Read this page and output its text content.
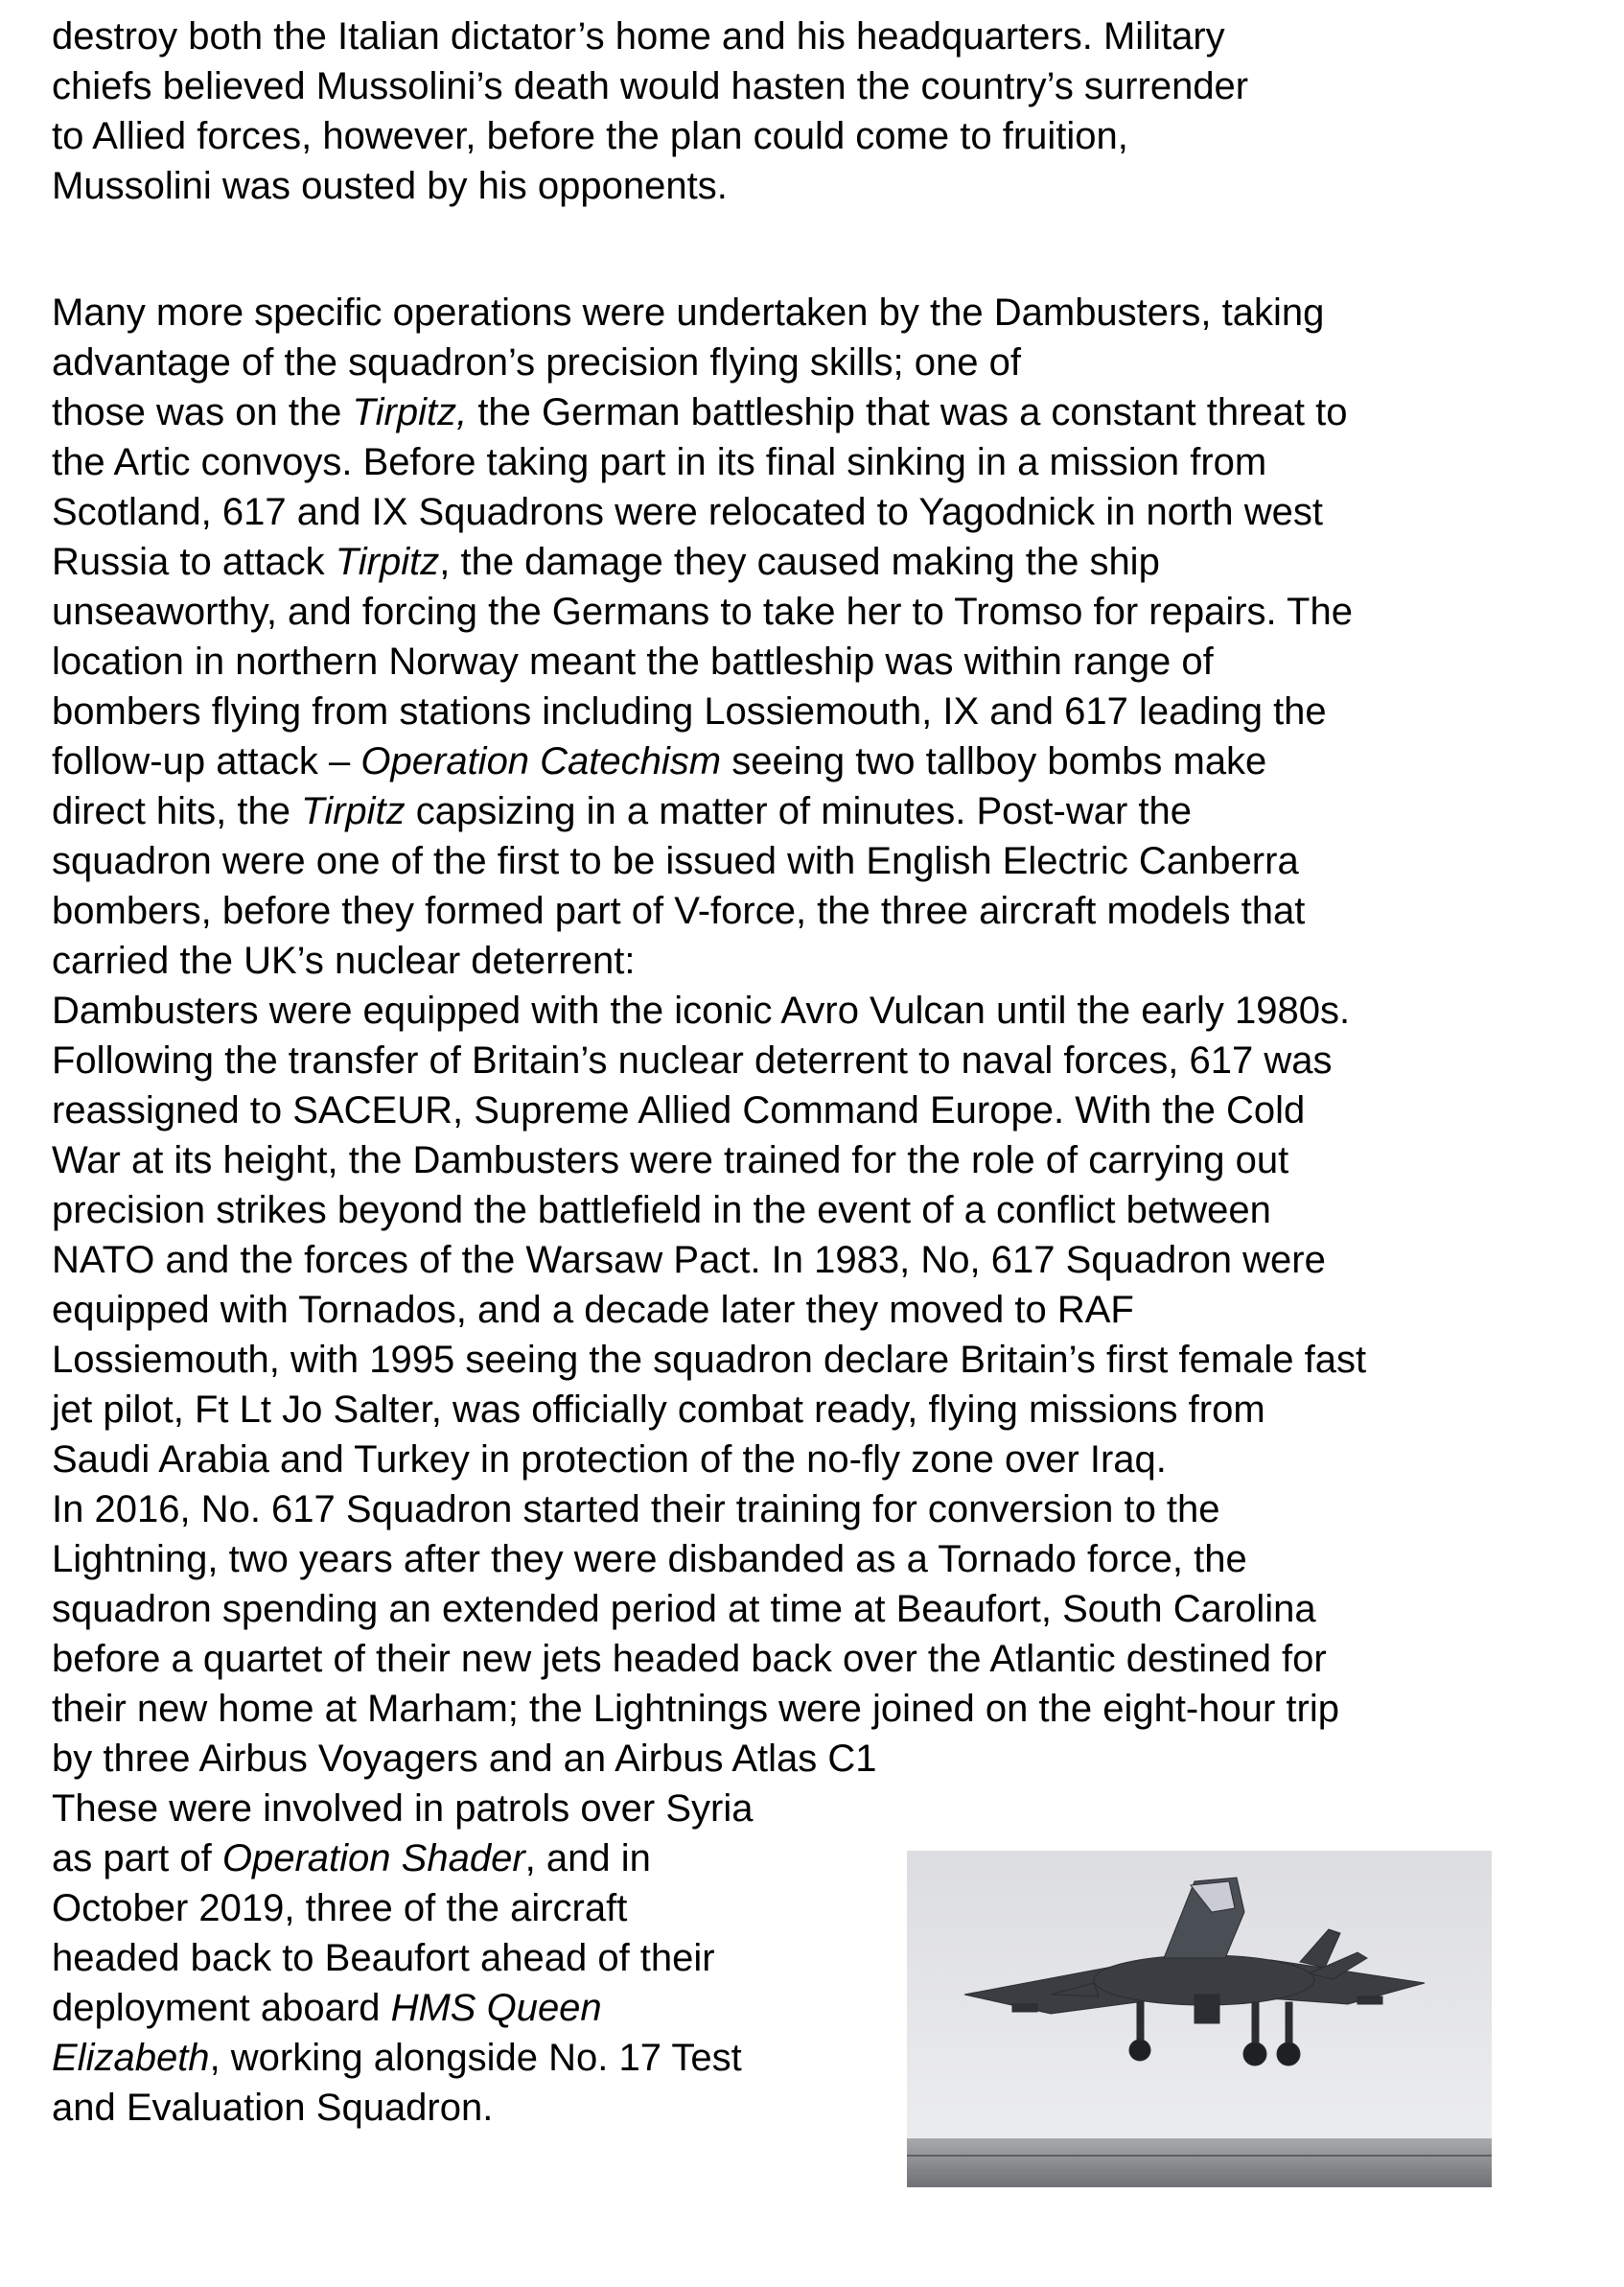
destroy both the Italian dictator’s home and his headquarters. Military

chiefs believed Mussolini’s death would hasten the country’s surrender

to Allied forces, however, before the plan could come to fruition,

Mussolini was ousted by his opponents.

Many more specific operations were undertaken by the Dambusters, taking

advantage of the squadron’s precision flying skills; one of

those was on the Tirpitz, the German battleship that was a constant threat to

the Artic convoys. Before taking part in its final sinking in a mission from

Scotland, 617 and IX Squadrons were relocated to Yagodnick in north west

Russia to attack Tirpitz, the damage they caused making the ship

unseaworthy, and forcing the Germans to take her to Tromso for repairs. The

location in northern Norway meant the battleship was within range of

bombers flying from stations including Lossiemouth, IX and 617 leading the

follow-up attack – Operation Catechism seeing two tallboy bombs make

direct hits, the Tirpitz capsizing in a matter of minutes. Post-war the

squadron were one of the first to be issued with English Electric Canberra

bombers, before they formed part of V-force, the three aircraft models that

carried the UK’s nuclear deterrent:

Dambusters were equipped with the iconic Avro Vulcan until the early 1980s.

Following the transfer of Britain’s nuclear deterrent to naval forces, 617 was

reassigned to SACEUR, Supreme Allied Command Europe. With the Cold

War at its height, the Dambusters were trained for the role of carrying out

precision strikes beyond the battlefield in the event of a conflict between

NATO and the forces of the Warsaw Pact. In 1983, No, 617 Squadron were

equipped with Tornados, and a decade later they moved to RAF

Lossiemouth, with 1995 seeing the squadron declare Britain’s first female fast

jet pilot, Ft Lt Jo Salter, was officially combat ready, flying missions from

Saudi Arabia and Turkey in protection of the no-fly zone over Iraq.

In 2016, No. 617 Squadron started their training for conversion to the

Lightning, two years after they were disbanded as a Tornado force, the

squadron spending an extended period at time at Beaufort, South Carolina

before a quartet of their new jets headed back over the Atlantic destined for

their new home at Marham; the Lightnings were joined on the eight-hour trip

by three Airbus Voyagers and an Airbus Atlas C1

These were involved in patrols over Syria

as part of Operation Shader, and in

October 2019, three of the aircraft

headed back to Beaufort ahead of their

deployment aboard HMS Queen

Elizabeth, working alongside No. 17 Test

and Evaluation Squadron.
